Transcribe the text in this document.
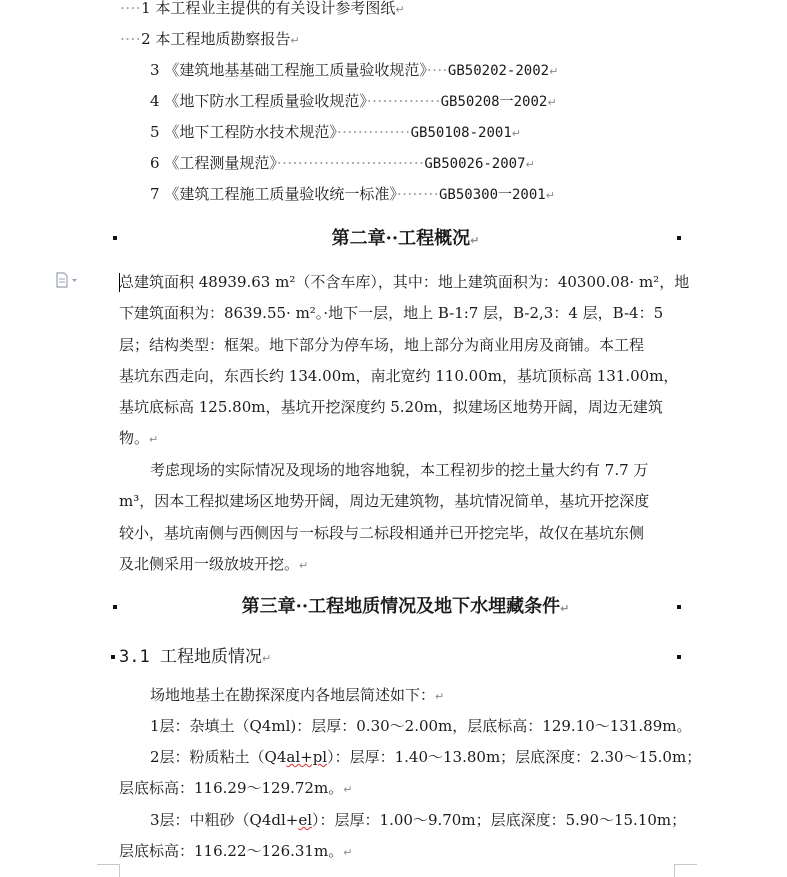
····1 本工程业主提供的有关设计参考图纸↵
····2 本工程地质勘察报告↵
3 《建筑地基基础工程施工质量验收规范》····GB50202-2002↵
4 《地下防水工程质量验收规范》··············GB50208一2002↵
5 《地下工程防水技术规范》··············GB50108-2001↵
6 《工程测量规范》····························GB50026-2007↵
7 《建筑工程施工质量验收统一标准》········GB50300一2001↵
第二章··工程概况↵
总建筑面积 48939.63 m²（不含车库），其中：地上建筑面积为：40300.08· m²，地
下建筑面积为：8639.55· m²。·地下一层，地上 B-1:7 层，B-2,3：4 层，B-4：5
层；结构类型：框架。地下部分为停车场，地上部分为商业用房及商铺。本工程
基坑东西走向，东西长约 134.00m，南北宽约 110.00m，基坑顶标高 131.00m，
基坑底标高 125.80m，基坑开挖深度约 5.20m，拟建场区地势开阔，周边无建筑
物。↵
考虑现场的实际情况及现场的地容地貌，本工程初步的挖土量大约有 7.7 万
m³，因本工程拟建场区地势开阔，周边无建筑物，基坑情况简单，基坑开挖深度
较小，基坑南侧与西侧因与一标段与二标段相通并已开挖完毕，故仅在基坑东侧
及北侧采用一级放坡开挖。↵
第三章··工程地质情况及地下水埋藏条件↵
3.1 工程地质情况↵
场地地基土在勘探深度内各地层简述如下：↵
1层：杂填土（Q4ml)：层厚：0.30～2.00m，层底标高：129.10～131.89m。
2层：粉质粘土（Q4al+pl）：层厚：1.40～13.80m；层底深度：2.30～15.0m；
层底标高：116.29～129.72m。↵
3层：中粗砂（Q4dl+el）：层厚：1.00～9.70m；层底深度：5.90～15.10m；
层底标高：116.22～126.31m。↵
